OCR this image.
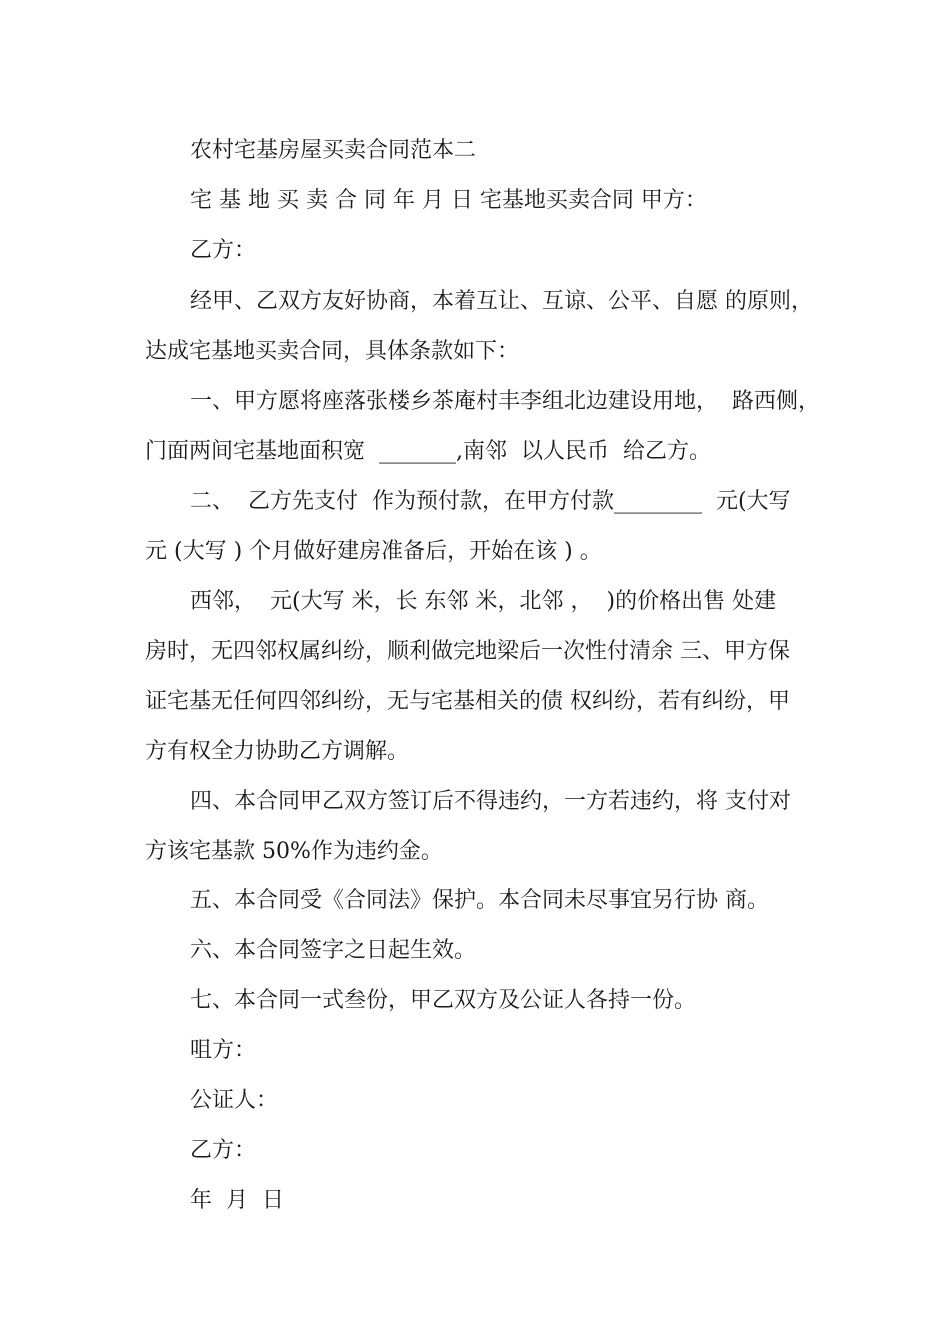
农村宅基房屋买卖合同范本二

宅 基 地 买 卖 合 同 年 月 日 宅基地买卖合同 甲方：

乙方：

经甲、乙双方友好协商，本着互让、互谅、公平、自愿 的原则，

达成宅基地买卖合同，具体条款如下：

一、甲方愿将座落张楼乡茶庵村丰李组北边建设用地，  路西侧，

门面两间宅基地面积宽  _______,南邻  以人民币  给乙方。

二、  乙方先支付  作为预付款，在甲方付款________  元(大写

元 (大写 ) 个月做好建房准备后，开始在该 ) 。

西邻，  元(大写 米，长 东邻 米，北邻 ，  )的价格出售 处建

房时，无四邻权属纠纷，顺利做完地梁后一次性付清余 三、甲方保

证宅基无任何四邻纠纷，无与宅基相关的债 权纠纷，若有纠纷，甲

方有权全力协助乙方调解。

四、本合同甲乙双方签订后不得违约，一方若违约，将 支付对

方该宅基款 50%作为违约金。

五、本合同受《合同法》保护。本合同未尽事宜另行协 商。

六、本合同签字之日起生效。

七、本合同一式叁份，甲乙双方及公证人各持一份。

咀方：

公证人：

乙方：

年  月  日
